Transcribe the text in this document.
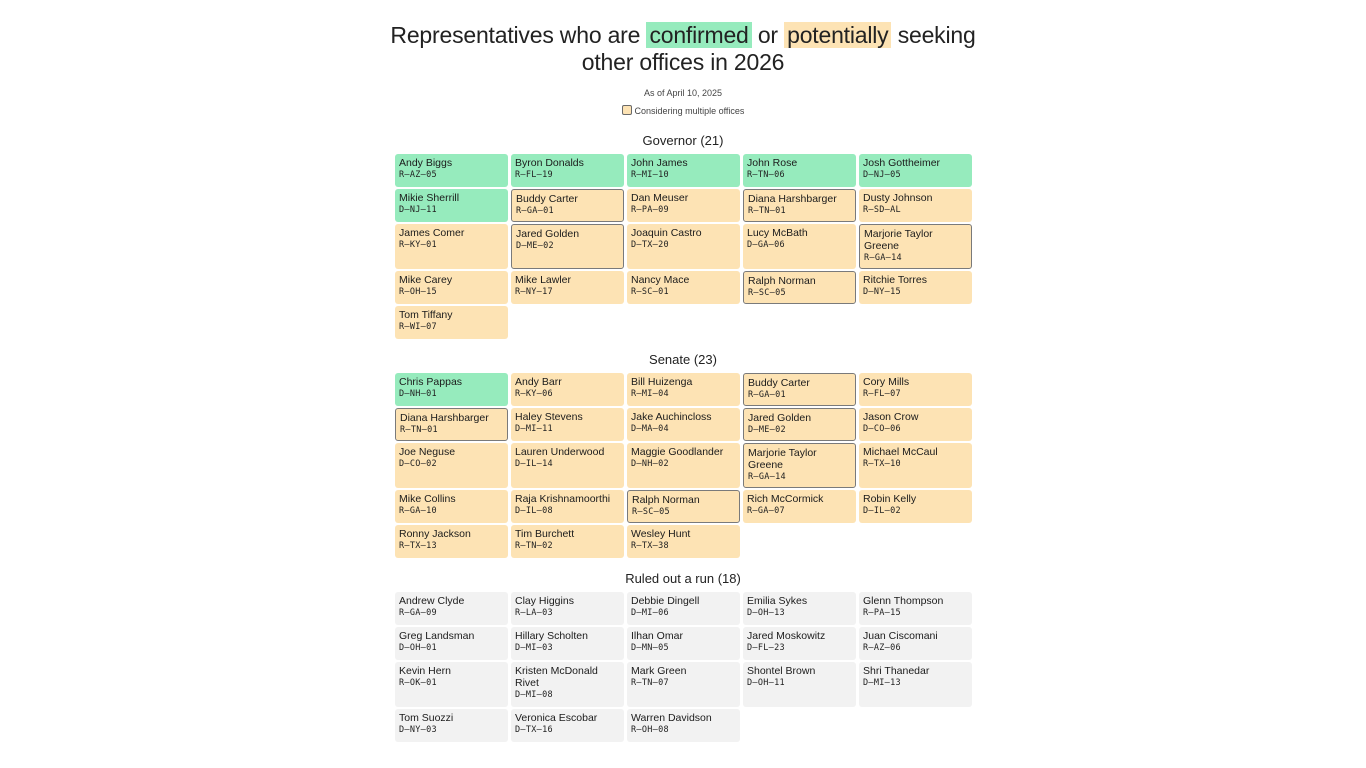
Representatives who are confirmed or potentially seeking
other offices in 2026
As of April 10, 2025
Considering multiple offices
Governor (21)
Andy Biggs
R–AZ–05
Byron Donalds
R–FL–19
John James
R–MI–10
John Rose
R–TN–06
Josh Gottheimer
D–NJ–05
Mikie Sherrill
D–NJ–11
Buddy Carter
R–GA–01
Dan Meuser
R–PA–09
Diana Harshbarger
R–TN–01
Dusty Johnson
R–SD–AL
James Comer
R–KY–01
Jared Golden
D–ME–02
Joaquin Castro
D–TX–20
Lucy McBath
D–GA–06
Marjorie Taylor Greene
R–GA–14
Mike Carey
R–OH–15
Mike Lawler
R–NY–17
Nancy Mace
R–SC–01
Ralph Norman
R–SC–05
Ritchie Torres
D–NY–15
Tom Tiffany
R–WI–07
Senate (23)
Chris Pappas
D–NH–01
Andy Barr
R–KY–06
Bill Huizenga
R–MI–04
Buddy Carter
R–GA–01
Cory Mills
R–FL–07
Diana Harshbarger
R–TN–01
Haley Stevens
D–MI–11
Jake Auchincloss
D–MA–04
Jared Golden
D–ME–02
Jason Crow
D–CO–06
Joe Neguse
D–CO–02
Lauren Underwood
D–IL–14
Maggie Goodlander
D–NH–02
Marjorie Taylor Greene
R–GA–14
Michael McCaul
R–TX–10
Mike Collins
R–GA–10
Raja Krishnamoorthi
D–IL–08
Ralph Norman
R–SC–05
Rich McCormick
R–GA–07
Robin Kelly
D–IL–02
Ronny Jackson
R–TX–13
Tim Burchett
R–TN–02
Wesley Hunt
R–TX–38
Ruled out a run (18)
Andrew Clyde
R–GA–09
Clay Higgins
R–LA–03
Debbie Dingell
D–MI–06
Emilia Sykes
D–OH–13
Glenn Thompson
R–PA–15
Greg Landsman
D–OH–01
Hillary Scholten
D–MI–03
Ilhan Omar
D–MN–05
Jared Moskowitz
D–FL–23
Juan Ciscomani
R–AZ–06
Kevin Hern
R–OK–01
Kristen McDonald Rivet
D–MI–08
Mark Green
R–TN–07
Shontel Brown
D–OH–11
Shri Thanedar
D–MI–13
Tom Suozzi
D–NY–03
Veronica Escobar
D–TX–16
Warren Davidson
R–OH–08
